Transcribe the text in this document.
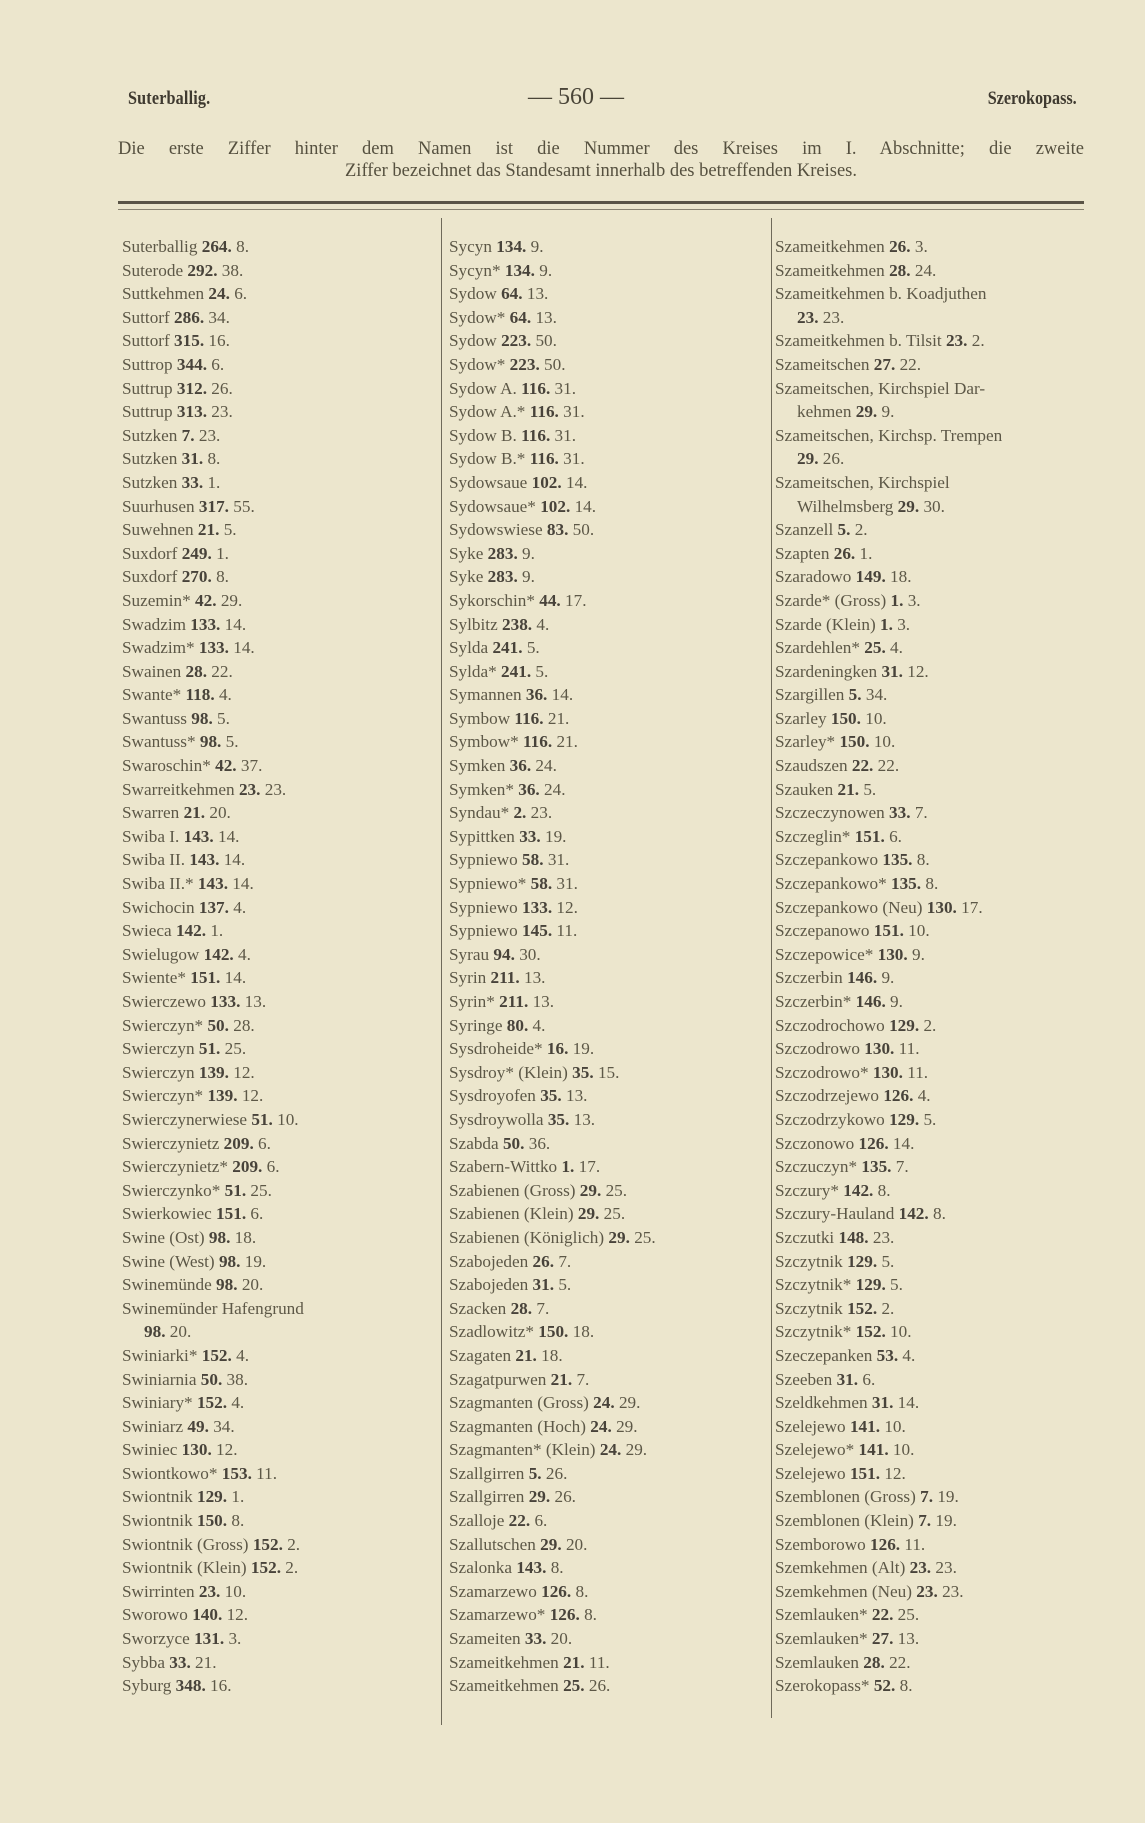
Suterballig.	— 560 —	Szerokopass.
Die erste Ziffer hinter dem Namen ist die Nummer des Kreises im I. Abschnitte; die zweite
Ziffer bezeichnet das Standesamt innerhalb des betreffenden Kreises.
Suterballig 264. 8.
Suterode 292. 38.
Suttkehmen 24. 6.
Suttorf 286. 34.
Suttorf 315. 16.
Suttrop 344. 6.
Suttrup 312. 26.
Suttrup 313. 23.
Sutzken 7. 23.
Sutzken 31. 8.
Sutzken 33. 1.
Suurhusen 317. 55.
Suwehnen 21. 5.
Suxdorf 249. 1.
Suxdorf 270. 8.
Suzemin* 42. 29.
Swadzim 133. 14.
Swadzim* 133. 14.
Swainen 28. 22.
Swante* 118. 4.
Swantuss 98. 5.
Swantuss* 98. 5.
Swaroschin* 42. 37.
Swarreitkehmen 23. 23.
Swarren 21. 20.
Swiba I. 143. 14.
Swiba II. 143. 14.
Swiba II.* 143. 14.
Swichocin 137. 4.
Swieca 142. 1.
Swielugow 142. 4.
Swiente* 151. 14.
Swierczewo 133. 13.
Swierczyn* 50. 28.
Swierczyn 51. 25.
Swierczyn 139. 12.
Swierczyn* 139. 12.
Swierczynerwiese 51. 10.
Swierczynietz 209. 6.
Swierczynietz* 209. 6.
Swierczynko* 51. 25.
Swierkowiec 151. 6.
Swine (Ost) 98. 18.
Swine (West) 98. 19.
Swinemünde 98. 20.
Swinemünder Hafengrund
98. 20.
Swiniarki* 152. 4.
Swiniarnia 50. 38.
Swiniary* 152. 4.
Swiniarz 49. 34.
Swiniec 130. 12.
Swiontkowo* 153. 11.
Swiontnik 129. 1.
Swiontnik 150. 8.
Swiontnik (Gross) 152. 2.
Swiontnik (Klein) 152. 2.
Swirrinten 23. 10.
Sworowo 140. 12.
Sworzyce 131. 3.
Sybba 33. 21.
Syburg 348. 16.
Sycyn 134. 9.
Sycyn* 134. 9.
Sydow 64. 13.
Sydow* 64. 13.
Sydow 223. 50.
Sydow* 223. 50.
Sydow A. 116. 31.
Sydow A.* 116. 31.
Sydow B. 116. 31.
Sydow B.* 116. 31.
Sydowsaue 102. 14.
Sydowsaue* 102. 14.
Sydowswiese 83. 50.
Syke 283. 9.
Syke 283. 9.
Sykorschin* 44. 17.
Sylbitz 238. 4.
Sylda 241. 5.
Sylda* 241. 5.
Symannen 36. 14.
Symbow 116. 21.
Symbow* 116. 21.
Symken 36. 24.
Symken* 36. 24.
Syndau* 2. 23.
Sypittken 33. 19.
Sypniewo 58. 31.
Sypniewo* 58. 31.
Sypniewo 133. 12.
Sypniewo 145. 11.
Syrau 94. 30.
Syrin 211. 13.
Syrin* 211. 13.
Syringe 80. 4.
Sysdroheide* 16. 19.
Sysdroy* (Klein) 35. 15.
Sysdroyofen 35. 13.
Sysdroywolla 35. 13.
Szabda 50. 36.
Szabern-Wittko 1. 17.
Szabienen (Gross) 29. 25.
Szabienen (Klein) 29. 25.
Szabienen (Königlich) 29. 25.
Szabojeden 26. 7.
Szabojeden 31. 5.
Szacken 28. 7.
Szadlowitz* 150. 18.
Szagaten 21. 18.
Szagatpurwen 21. 7.
Szagmanten (Gross) 24. 29.
Szagmanten (Hoch) 24. 29.
Szagmanten* (Klein) 24. 29.
Szallgirren 5. 26.
Szallgirren 29. 26.
Szalloje 22. 6.
Szallutschen 29. 20.
Szalonka 143. 8.
Szamarzewo 126. 8.
Szamarzewo* 126. 8.
Szameiten 33. 20.
Szameitkehmen 21. 11.
Szameitkehmen 25. 26.
Szameitkehmen 26. 3.
Szameitkehmen 28. 24.
Szameitkehmen b. Koadjuthen
23. 23.
Szameitkehmen b. Tilsit 23. 2.
Szameitschen 27. 22.
Szameitschen, Kirchspiel Dar-
kehmen 29. 9.
Szameitschen, Kirchsp. Trempen
29. 26.
Szameitschen, Kirchspiel
Wilhelmsberg 29. 30.
Szanzell 5. 2.
Szapten 26. 1.
Szaradowo 149. 18.
Szarde* (Gross) 1. 3.
Szarde (Klein) 1. 3.
Szardehlen* 25. 4.
Szardeningken 31. 12.
Szargillen 5. 34.
Szarley 150. 10.
Szarley* 150. 10.
Szaudszen 22. 22.
Szauken 21. 5.
Szczeczynowen 33. 7.
Szczeglin* 151. 6.
Szczepankowo 135. 8.
Szczepankowo* 135. 8.
Szczepankowo (Neu) 130. 17.
Szczepanowo 151. 10.
Szczepowice* 130. 9.
Szczerbin 146. 9.
Szczerbin* 146. 9.
Szczodrochowo 129. 2.
Szczodrowo 130. 11.
Szczodrowo* 130. 11.
Szczodrzejewo 126. 4.
Szczodrzykowo 129. 5.
Szczonowo 126. 14.
Szczuczyn* 135. 7.
Szczury* 142. 8.
Szczury-Hauland 142. 8.
Szczutki 148. 23.
Szczytnik 129. 5.
Szczytnik* 129. 5.
Szczytnik 152. 2.
Szczytnik* 152. 10.
Szeczepanken 53. 4.
Szeeben 31. 6.
Szeldkehmen 31. 14.
Szelejewo 141. 10.
Szelejewo* 141. 10.
Szelejewo 151. 12.
Szemblonen (Gross) 7. 19.
Szemblonen (Klein) 7. 19.
Szemborowo 126. 11.
Szemkehmen (Alt) 23. 23.
Szemkehmen (Neu) 23. 23.
Szemlauken* 22. 25.
Szemlauken* 27. 13.
Szemlauken 28. 22.
Szerokopass* 52. 8.
